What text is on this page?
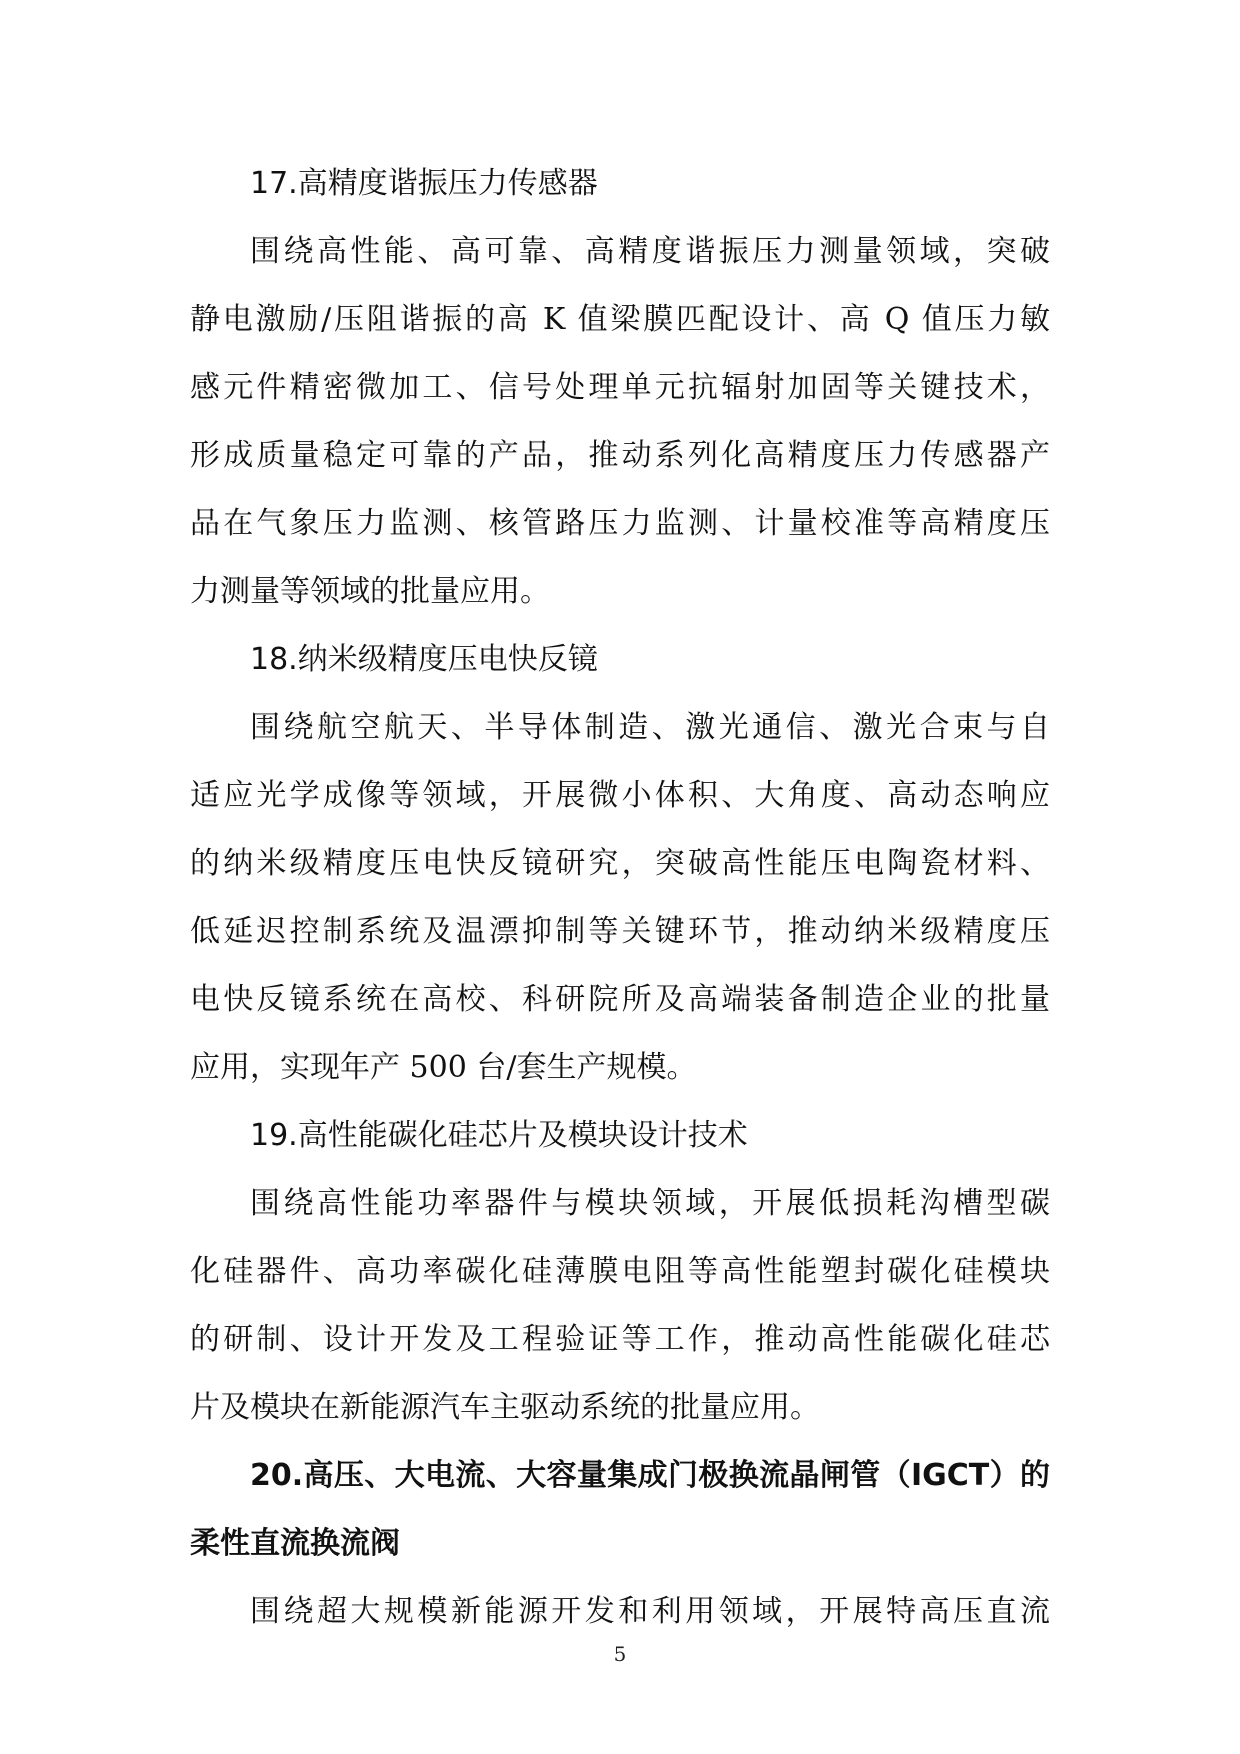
17.高精度谐振压力传感器
围绕高性能、高可靠、高精度谐振压力测量领域，突破
静电激励/压阻谐振的高 K 值梁膜匹配设计、高 Q 值压力敏
感元件精密微加工、信号处理单元抗辐射加固等关键技术，
形成质量稳定可靠的产品，推动系列化高精度压力传感器产
品在气象压力监测、核管路压力监测、计量校准等高精度压
力测量等领域的批量应用。
18.纳米级精度压电快反镜
围绕航空航天、半导体制造、激光通信、激光合束与自
适应光学成像等领域，开展微小体积、大角度、高动态响应
的纳米级精度压电快反镜研究，突破高性能压电陶瓷材料、
低延迟控制系统及温漂抑制等关键环节，推动纳米级精度压
电快反镜系统在高校、科研院所及高端装备制造企业的批量
应用，实现年产 500 台/套生产规模。
19.高性能碳化硅芯片及模块设计技术
围绕高性能功率器件与模块领域，开展低损耗沟槽型碳
化硅器件、高功率碳化硅薄膜电阻等高性能塑封碳化硅模块
的研制、设计开发及工程验证等工作，推动高性能碳化硅芯
片及模块在新能源汽车主驱动系统的批量应用。
20.高压、大电流、大容量集成门极换流晶闸管（IGCT）的柔性直流换流阀
围绕超大规模新能源开发和利用领域，开展特高压直流
5
